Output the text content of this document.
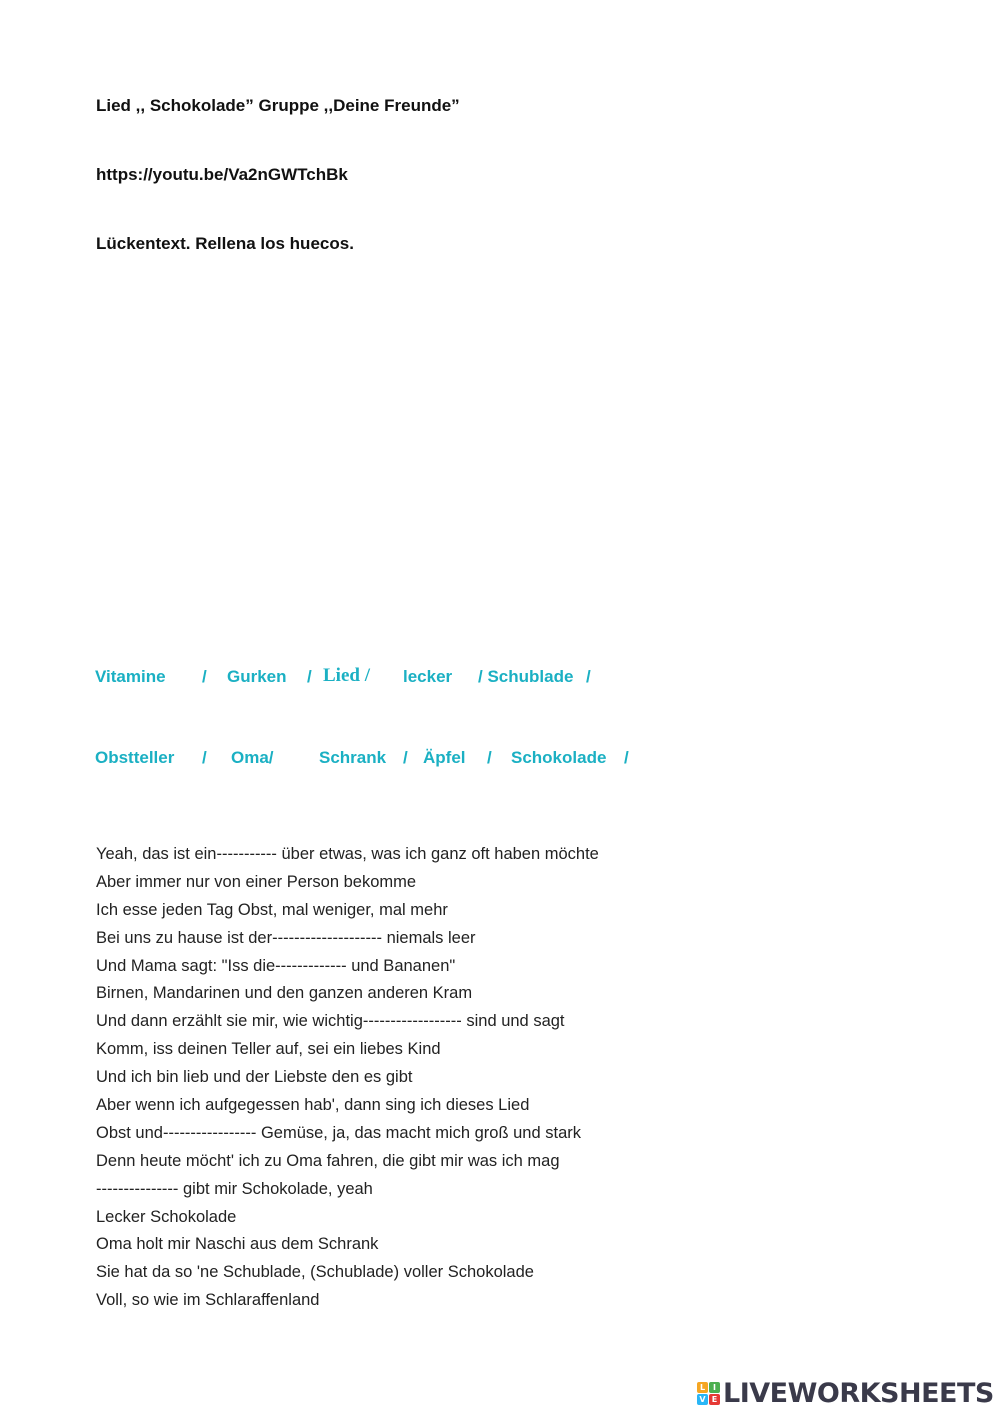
Lied ,, Schokolade” Gruppe ,,Deine Freunde”
https://youtu.be/Va2nGWTchBk
Lückentext. Rellena los huecos.
Vitamine / Gurken / Lied / lecker / Schublade /
Obstteller / Oma/	Schrank / Äpfel / Schokolade /
Yeah, das ist ein----------- über etwas, was ich ganz oft haben möchte
Aber immer nur von einer Person bekomme
Ich esse jeden Tag Obst, mal weniger, mal mehr
Bei uns zu hause ist der-------------------- niemals leer
Und Mama sagt: "Iss die------------- und Bananen"
Birnen, Mandarinen und den ganzen anderen Kram
Und dann erzählt sie mir, wie wichtig------------------ sind und sagt
Komm, iss deinen Teller auf, sei ein liebes Kind
Und ich bin lieb und der Liebste den es gibt
Aber wenn ich aufgegessen hab', dann sing ich dieses Lied
Obst und----------------- Gemüse, ja, das macht mich groß und stark
Denn heute möcht' ich zu Oma fahren, die gibt mir was ich mag
--------------- gibt mir Schokolade, yeah
Lecker Schokolade
Oma holt mir Naschi aus dem Schrank
Sie hat da so 'ne Schublade, (Schublade) voller Schokolade
Voll, so wie im Schlaraffenland
L I
V E LIVEWORKSHEETS
